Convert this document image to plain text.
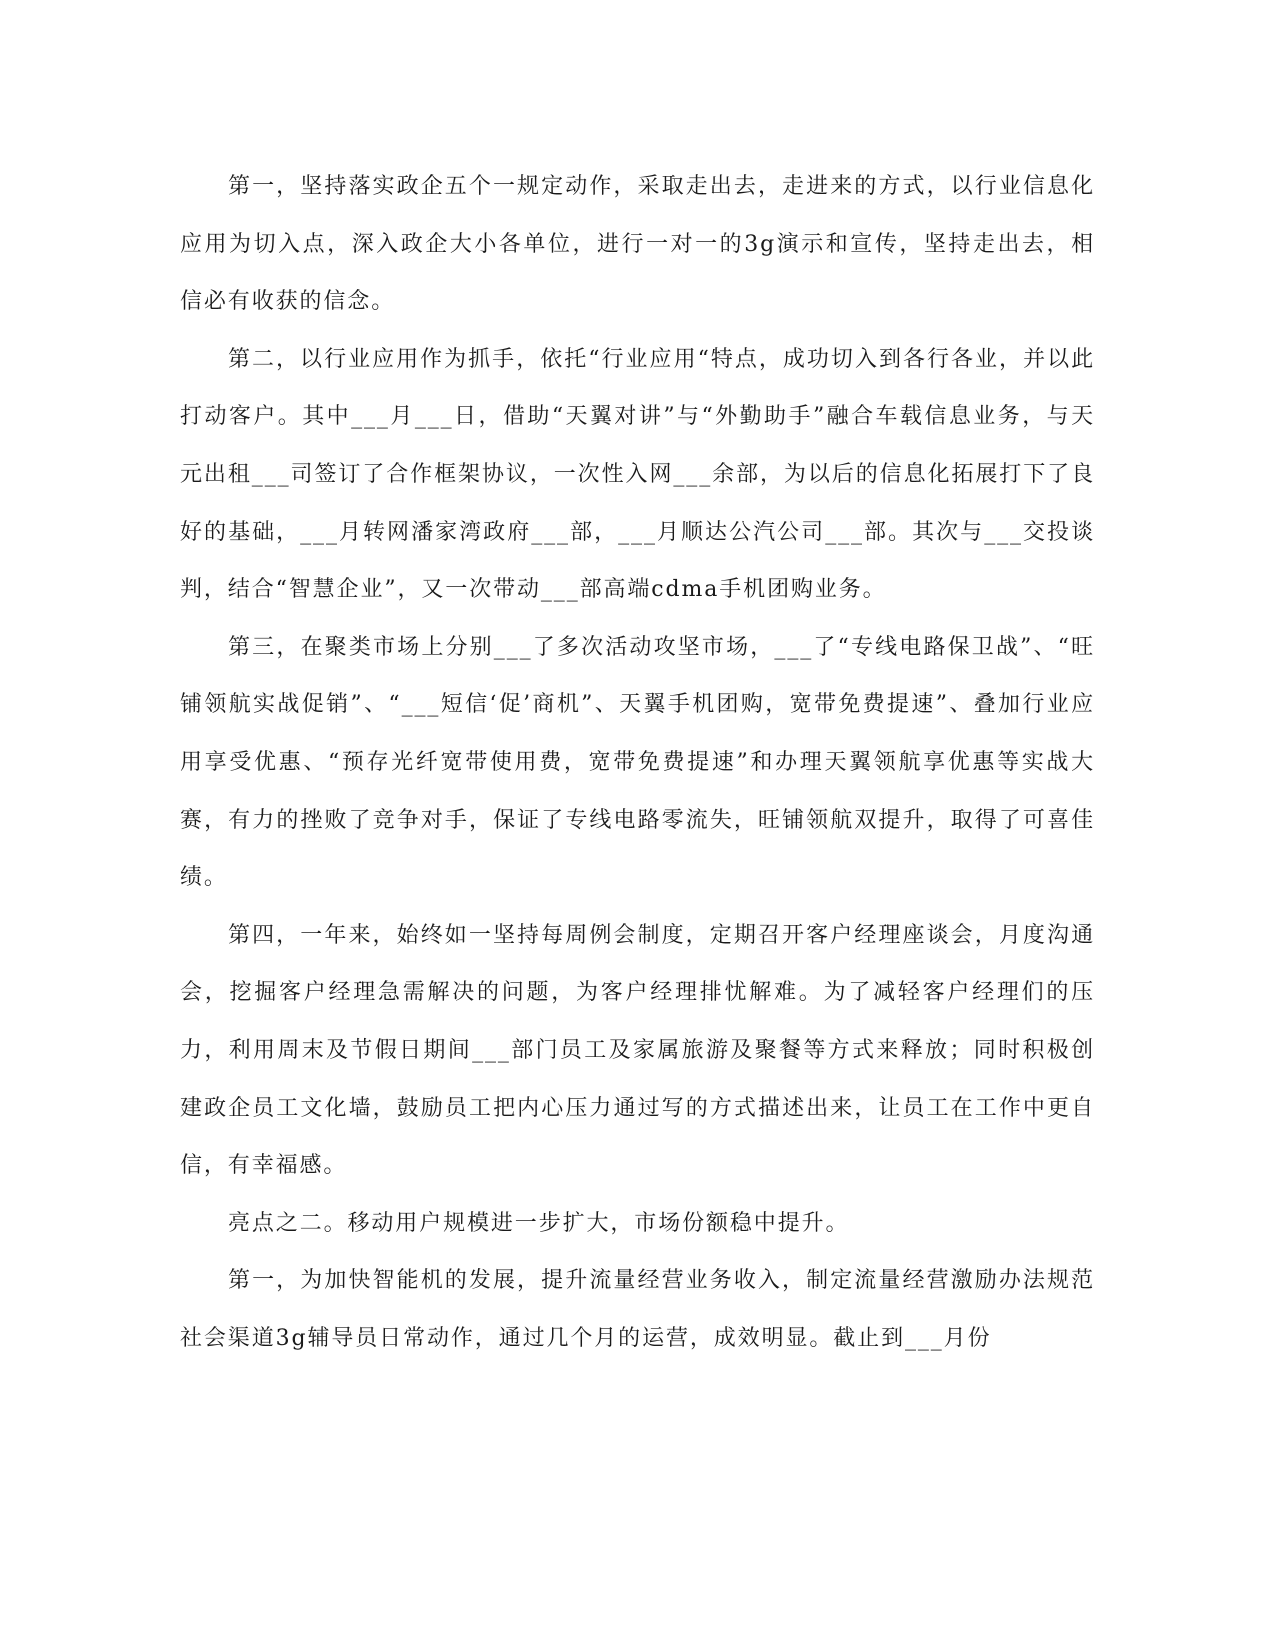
第一，坚持落实政企五个一规定动作，采取走出去，走进来的方式，以行业信息化应用为切入点，深入政企大小各单位，进行一对一的3g演示和宣传，坚持走出去，相信必有收获的信念。

第二，以行业应用作为抓手，依托“行业应用“特点，成功切入到各行各业，并以此打动客户。其中___月___日，借助“天翼对讲”与“外勤助手”融合车载信息业务，与天元出租___司签订了合作框架协议，一次性入网___余部，为以后的信息化拓展打下了良好的基础，___月转网潘家湾政府___部，___月顺达公汽公司___部。其次与___交投谈判，结合“智慧企业”，又一次带动___部高端cdma手机团购业务。

第三，在聚类市场上分别___了多次活动攻坚市场，___了“专线电路保卫战”、“旺铺领航实战促销”、“___短信‘促’商机”、天翼手机团购，宽带免费提速”、叠加行业应用享受优惠、“预存光纤宽带使用费，宽带免费提速”和办理天翼领航享优惠等实战大赛，有力的挫败了竞争对手，保证了专线电路零流失，旺铺领航双提升，取得了可喜佳绩。

第四，一年来，始终如一坚持每周例会制度，定期召开客户经理座谈会，月度沟通会，挖掘客户经理急需解决的问题，为客户经理排忧解难。为了减轻客户经理们的压力，利用周末及节假日期间___部门员工及家属旅游及聚餐等方式来释放；同时积极创建政企员工文化墙，鼓励员工把内心压力通过写的方式描述出来，让员工在工作中更自信，有幸福感。

亮点之二。移动用户规模进一步扩大，市场份额稳中提升。

第一，为加快智能机的发展，提升流量经营业务收入，制定流量经营激励办法规范社会渠道3g辅导员日常动作，通过几个月的运营，成效明显。截止到___月份
